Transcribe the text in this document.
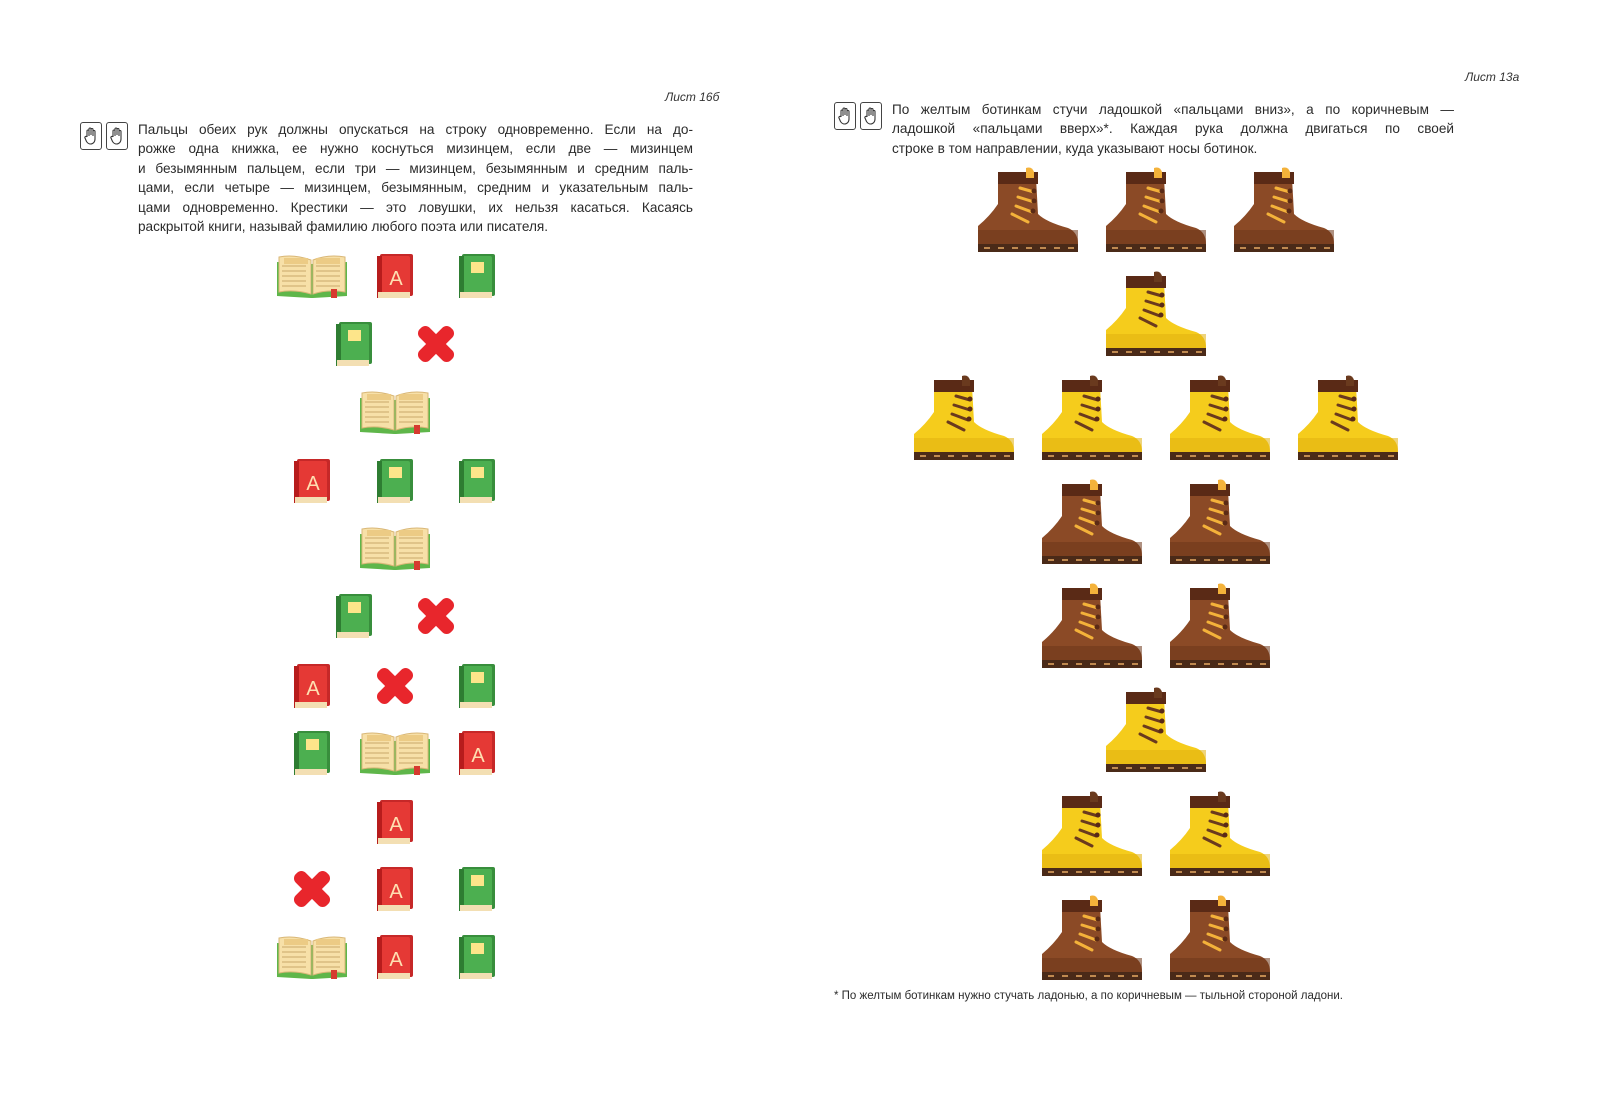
Лист 16б
Пальцы обеих рук должны опускаться на строку одновременно. Если на до-
рожке одна книжка, ее нужно коснуться мизинцем, если две — мизинцем
и безымянным пальцем, если три — мизинцем, безымянным и средним паль-
цами, если четыре — мизинцем, безымянным, средним и указательным паль-
цами одновременно. Крестики — это ловушки, их нельзя касаться. Касаясь
раскрытой книги, называй фамилию любого поэта или писателя.
А
А
А
А
А
А
А
Лист 13а
По желтым ботинкам стучи ладошкой «пальцами вниз», а по коричневым —
ладошкой «пальцами вверх»*. Каждая рука должна двигаться по своей
строке в том направлении, куда указывают носы ботинок.
* По желтым ботинкам нужно стучать ладонью, а по коричневым — тыльной стороной ладони.
